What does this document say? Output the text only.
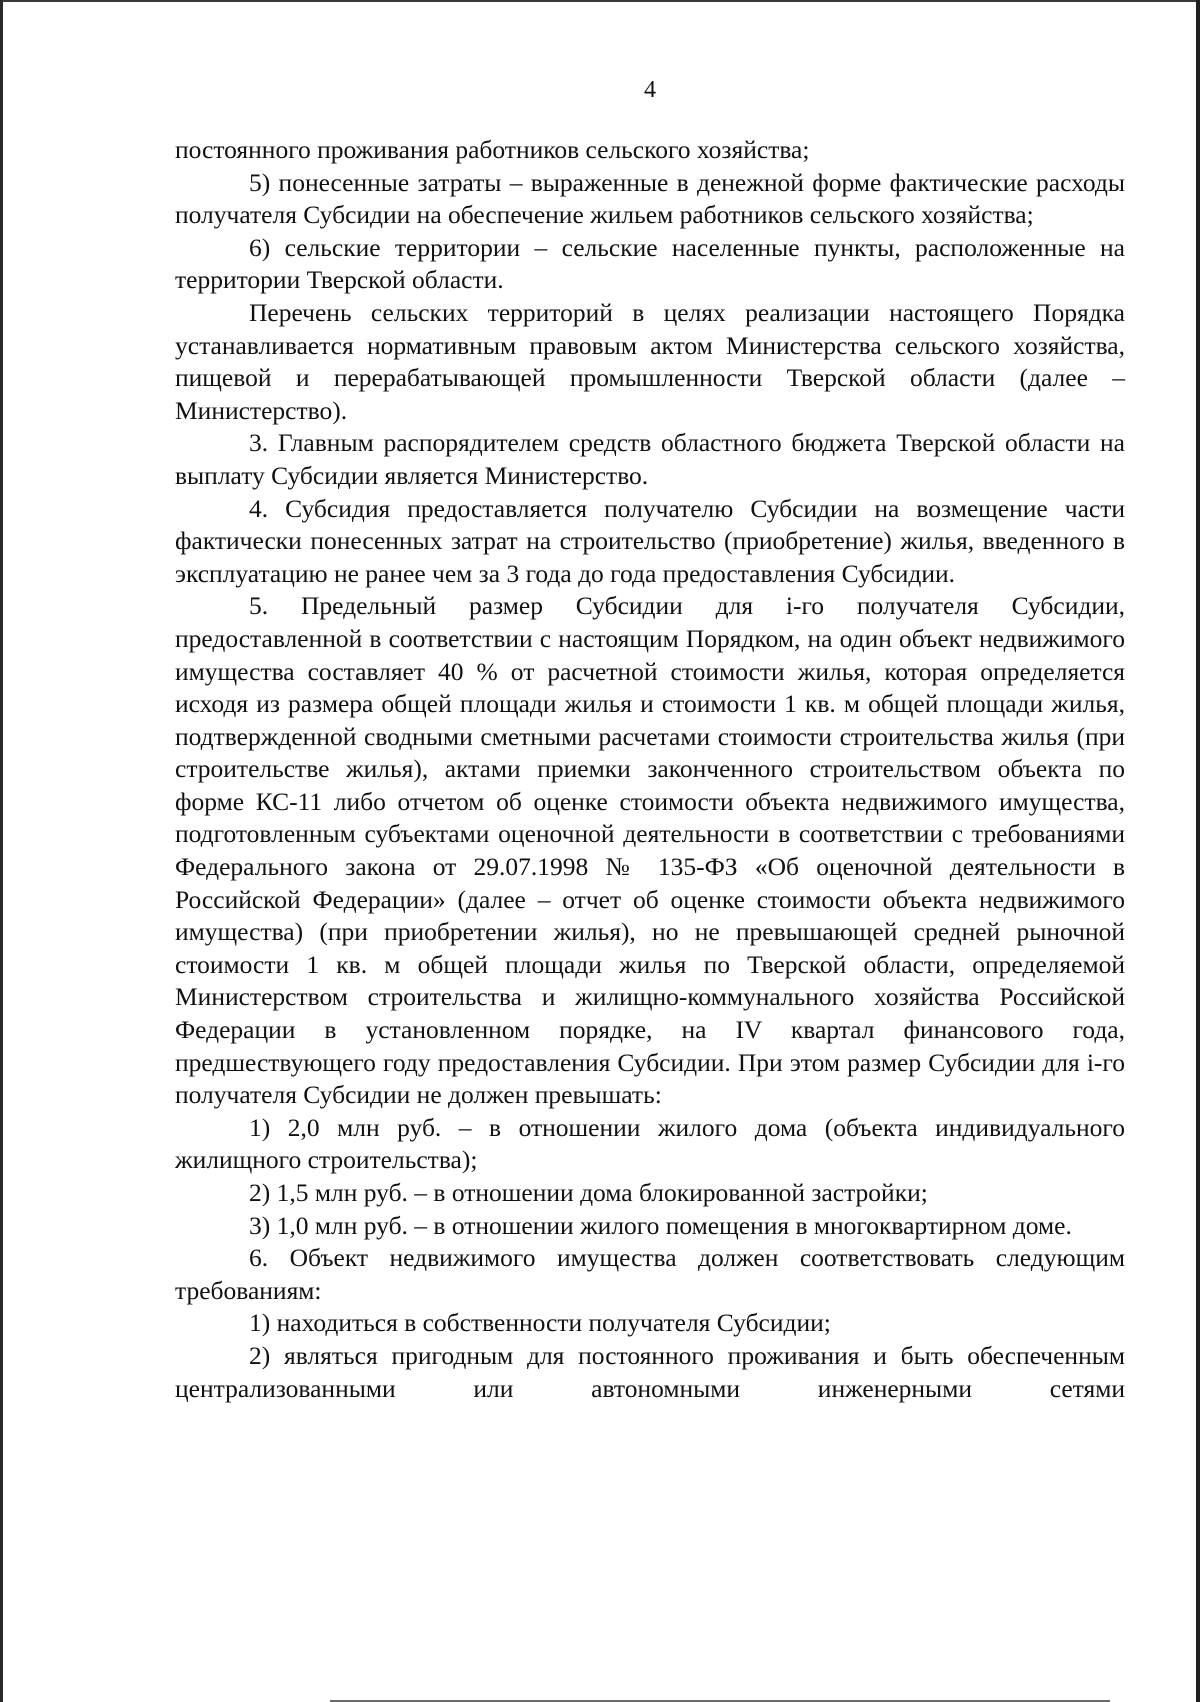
4

постоянного проживания работников сельского хозяйства;

5) понесенные затраты – выраженные в денежной форме фактические расходы получателя Субсидии на обеспечение жильем работников сельского хозяйства;

6) сельские территории – сельские населенные пункты, расположенные на территории Тверской области.

Перечень сельских территорий в целях реализации настоящего Порядка устанавливается нормативным правовым актом Министерства сельского хозяйства, пищевой и перерабатывающей промышленности Тверской области (далее – Министерство).

3. Главным распорядителем средств областного бюджета Тверской области на выплату Субсидии является Министерство.

4. Субсидия предоставляется получателю Субсидии на возмещение части фактически понесенных затрат на строительство (приобретение) жилья, введенного в эксплуатацию не ранее чем за 3 года до года предоставления Субсидии.

5. Предельный размер Субсидии для i-го получателя Субсидии, предоставленной в соответствии с настоящим Порядком, на один объект недвижимого имущества составляет 40 % от расчетной стоимости жилья, которая определяется исходя из размера общей площади жилья и стоимости 1 кв. м общей площади жилья, подтвержденной сводными сметными расчетами стоимости строительства жилья (при строительстве жилья), актами приемки законченного строительством объекта по форме КС-11 либо отчетом об оценке стоимости объекта недвижимого имущества, подготовленным субъектами оценочной деятельности в соответствии с требованиями Федерального закона от 29.07.1998 № 135-ФЗ «Об оценочной деятельности в Российской Федерации» (далее – отчет об оценке стоимости объекта недвижимого имущества) (при приобретении жилья), но не превышающей средней рыночной стоимости 1 кв. м общей площади жилья по Тверской области, определяемой Министерством строительства и жилищно-коммунального хозяйства Российской Федерации в установленном порядке, на IV квартал финансового года, предшествующего году предоставления Субсидии. При этом размер Субсидии для i-го получателя Субсидии не должен превышать:

1) 2,0 млн руб. – в отношении жилого дома (объекта индивидуального жилищного строительства);

2) 1,5 млн руб. – в отношении дома блокированной застройки;

3) 1,0 млн руб. – в отношении жилого помещения в многоквартирном доме.

6. Объект недвижимого имущества должен соответствовать следующим требованиям:

1) находиться в собственности получателя Субсидии;

2) являться пригодным для постоянного проживания и быть обеспеченным централизованными или автономными инженерными сетями
